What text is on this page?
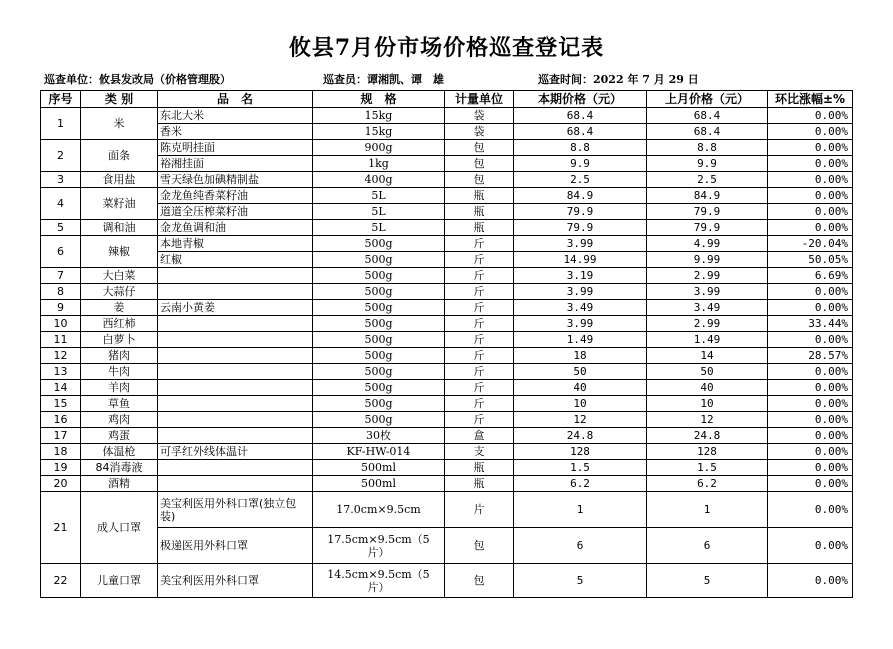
攸县7月份市场价格巡查登记表
巡查单位：攸县发改局（价格管理股）	巡查员：谭湘凯、谭　雄	巡查时间：2022 年 7 月 29 日
序号	类 别	品　名	规　格	计量单位	本期价格（元）	上月价格（元）	环比涨幅±%
1	米	东北大米	15kg	袋	68.4	68.4	0.00%
		香米	15kg	袋	68.4	68.4	0.00%
2	面条	陈克明挂面	900g	包	8.8	8.8	0.00%
		裕湘挂面	1kg	包	9.9	9.9	0.00%
3	食用盐	雪天绿色加碘精制盐	400g	包	2.5	2.5	0.00%
4	菜籽油	金龙鱼纯香菜籽油	5L	瓶	84.9	84.9	0.00%
		道道全压榨菜籽油	5L	瓶	79.9	79.9	0.00%
5	调和油	金龙鱼调和油	5L	瓶	79.9	79.9	0.00%
6	辣椒	本地青椒	500g	斤	3.99	4.99	-20.04%
		红椒	500g	斤	14.99	9.99	50.05%
7	大白菜		500g	斤	3.19	2.99	6.69%
8	大蒜仔		500g	斤	3.99	3.99	0.00%
9	姜	云南小黄姜	500g	斤	3.49	3.49	0.00%
10	西红柿		500g	斤	3.99	2.99	33.44%
11	白萝卜		500g	斤	1.49	1.49	0.00%
12	猪肉		500g	斤	18	14	28.57%
13	牛肉		500g	斤	50	50	0.00%
14	羊肉		500g	斤	40	40	0.00%
15	草鱼		500g	斤	10	10	0.00%
16	鸡肉		500g	斤	12	12	0.00%
17	鸡蛋		30枚	盒	24.8	24.8	0.00%
18	体温枪	可孚红外线体温计	KF-HW-014	支	128	128	0.00%
19	84消毒液		500ml	瓶	1.5	1.5	0.00%
20	酒精		500ml	瓶	6.2	6.2	0.00%
21	成人口罩	美宝利医用外科口罩(独立包装)	17.0cm×9.5cm	片	1	1	0.00%
		极递医用外科口罩	17.5cm×9.5cm（5片）	包	6	6	0.00%
22	儿童口罩	美宝利医用外科口罩	14.5cm×9.5cm（5片）	包	5	5	0.00%
